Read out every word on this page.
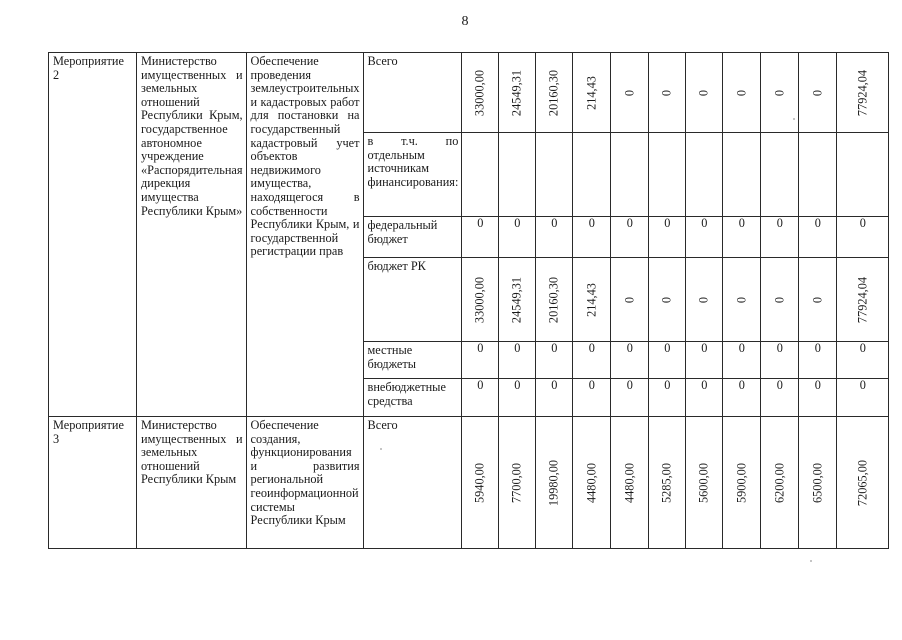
8
Мероприятие 2	Министерство имущественных и земельных отношений Республики Крым, государственное автономное учреждение «Распорядительная дирекция имущества Республики Крым»	Обеспечение проведения землеустроительных и кадастровых работ для постановки на государственный кадастровый учет объектов недвижимого имущества, находящегося в собственности Республики Крым, и государственной регистрации прав	Всего	33000,00	24549,31	20160,30	214,43	0	0	0	0	0	0	77924,04

			в т.ч. по отдельным источникам финансирования:											

			федеральный бюджет	0	0	0	0	0	0	0	0	0	0	0

			бюджет РК	33000,00	24549,31	20160,30	214,43	0	0	0	0	0	0	77924,04

			местные бюджеты	0	0	0	0	0	0	0	0	0	0	0

			внебюджетные средства	0	0	0	0	0	0	0	0	0	0	0

Мероприятие 3	Министерство имущественных и земельных отношений Республики Крым	Обеспечение создания, функционирования и развития региональной геоинформационной системы Республики Крым	Всего	5940,00	7700,00	19980,00	4480,00	4480,00	5285,00	5600,00	5900,00	6200,00	6500,00	72065,00
